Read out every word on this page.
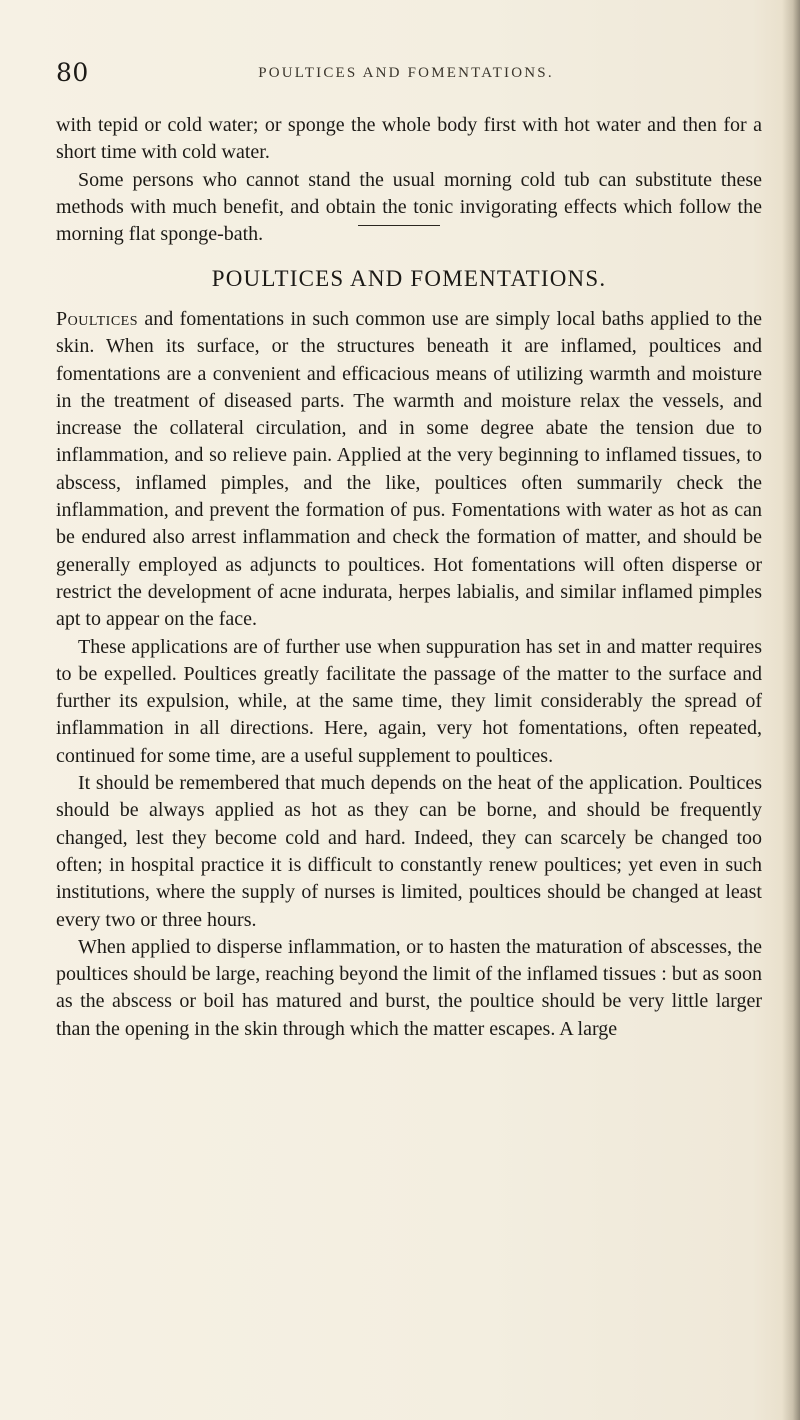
80	POULTICES AND FOMENTATIONS.

with tepid or cold water; or sponge the whole body first with hot water and then for a short time with cold water.

Some persons who cannot stand the usual morning cold tub can substitute these methods with much benefit, and obtain the tonic invigorating effects which follow the morning flat sponge-bath.

POULTICES AND FOMENTATIONS.

Poultices and fomentations in such common use are simply local baths applied to the skin. When its surface, or the structures beneath it are inflamed, poultices and fomentations are a convenient and efficacious means of utilizing warmth and moisture in the treatment of diseased parts. The warmth and moisture relax the vessels, and increase the collateral circulation, and in some degree abate the tension due to inflammation, and so relieve pain. Applied at the very beginning to inflamed tissues, to abscess, inflamed pimples, and the like, poultices often summarily check the inflammation, and prevent the formation of pus. Fomentations with water as hot as can be endured also arrest inflammation and check the formation of matter, and should be generally employed as adjuncts to poultices. Hot fomentations will often disperse or restrict the development of acne indurata, herpes labialis, and similar inflamed pimples apt to appear on the face.

These applications are of further use when suppuration has set in and matter requires to be expelled. Poultices greatly facilitate the passage of the matter to the surface and further its expulsion, while, at the same time, they limit considerably the spread of inflammation in all directions. Here, again, very hot fomentations, often repeated, continued for some time, are a useful supplement to poultices.

It should be remembered that much depends on the heat of the application. Poultices should be always applied as hot as they can be borne, and should be frequently changed, lest they become cold and hard. Indeed, they can scarcely be changed too often; in hospital practice it is difficult to constantly renew poultices; yet even in such institutions, where the supply of nurses is limited, poultices should be changed at least every two or three hours.

When applied to disperse inflammation, or to hasten the maturation of abscesses, the poultices should be large, reaching beyond the limit of the inflamed tissues : but as soon as the abscess or boil has matured and burst, the poultice should be very little larger than the opening in the skin through which the matter escapes. A large
